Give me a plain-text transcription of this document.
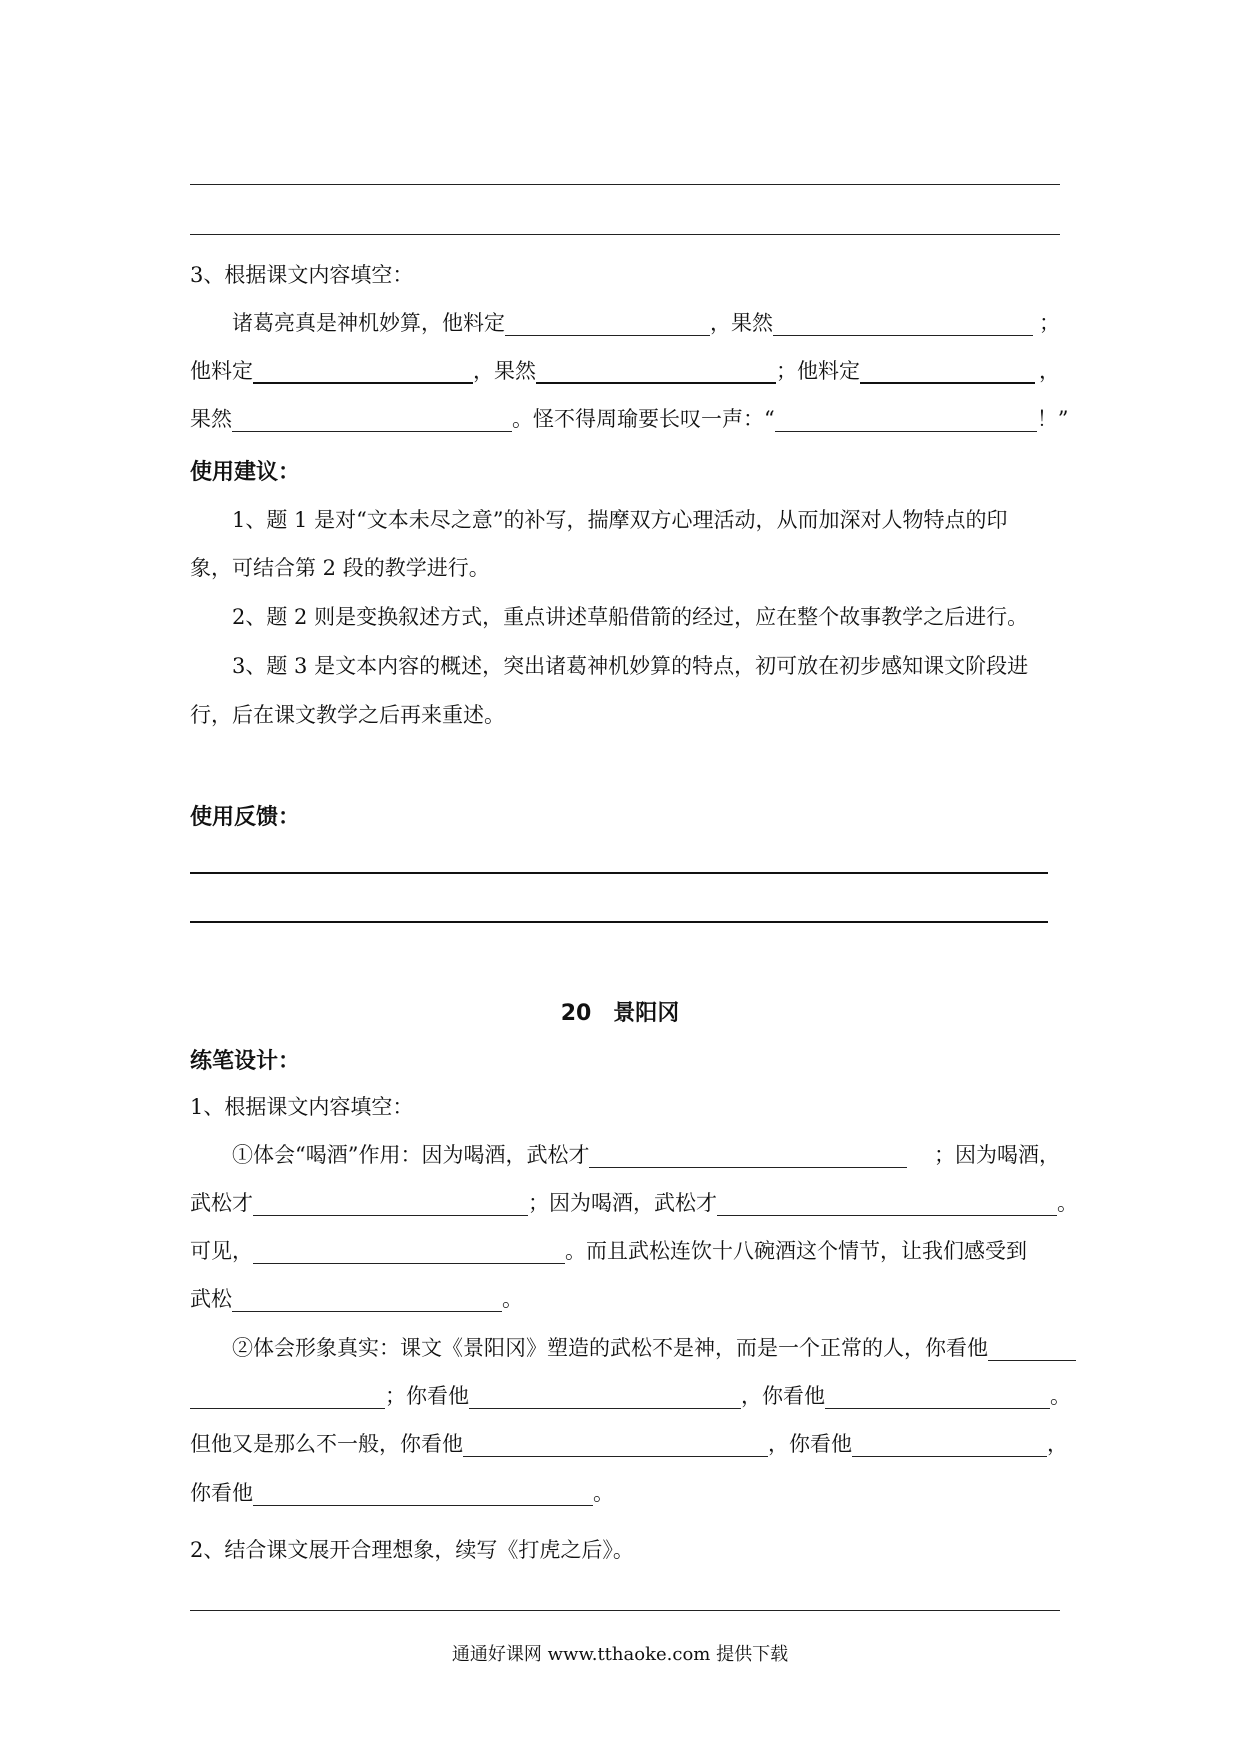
3、根据课文内容填空：
诸葛亮真是神机妙算，他料定	，果然	；
他料定	，果然	；他料定	，
果然	。怪不得周瑜要长叹一声：“	！”
使用建议：
1、题 1 是对“文本未尽之意”的补写，揣摩双方心理活动，从而加深对人物特点的印
象，可结合第 2 段的教学进行。
2、题 2 则是变换叙述方式，重点讲述草船借箭的经过，应在整个故事教学之后进行。
3、题 3 是文本内容的概述，突出诸葛神机妙算的特点，初可放在初步感知课文阶段进
行，后在课文教学之后再来重述。
使用反馈：
20　景阳冈
练笔设计：
1、根据课文内容填空：
①体会“喝酒”作用：因为喝酒，武松才	；因为喝酒，
武松才	；因为喝酒，武松才	。
可见，	。而且武松连饮十八碗酒这个情节，让我们感受到
武松	。
②体会形象真实：课文《景阳冈》塑造的武松不是神，而是一个正常的人，你看他
；你看他	，你看他	。
但他又是那么不一般，你看他	，你看他	，
你看他	。
2、结合课文展开合理想象，续写《打虎之后》。
通通好课网 www.tthaoke.com 提供下载
